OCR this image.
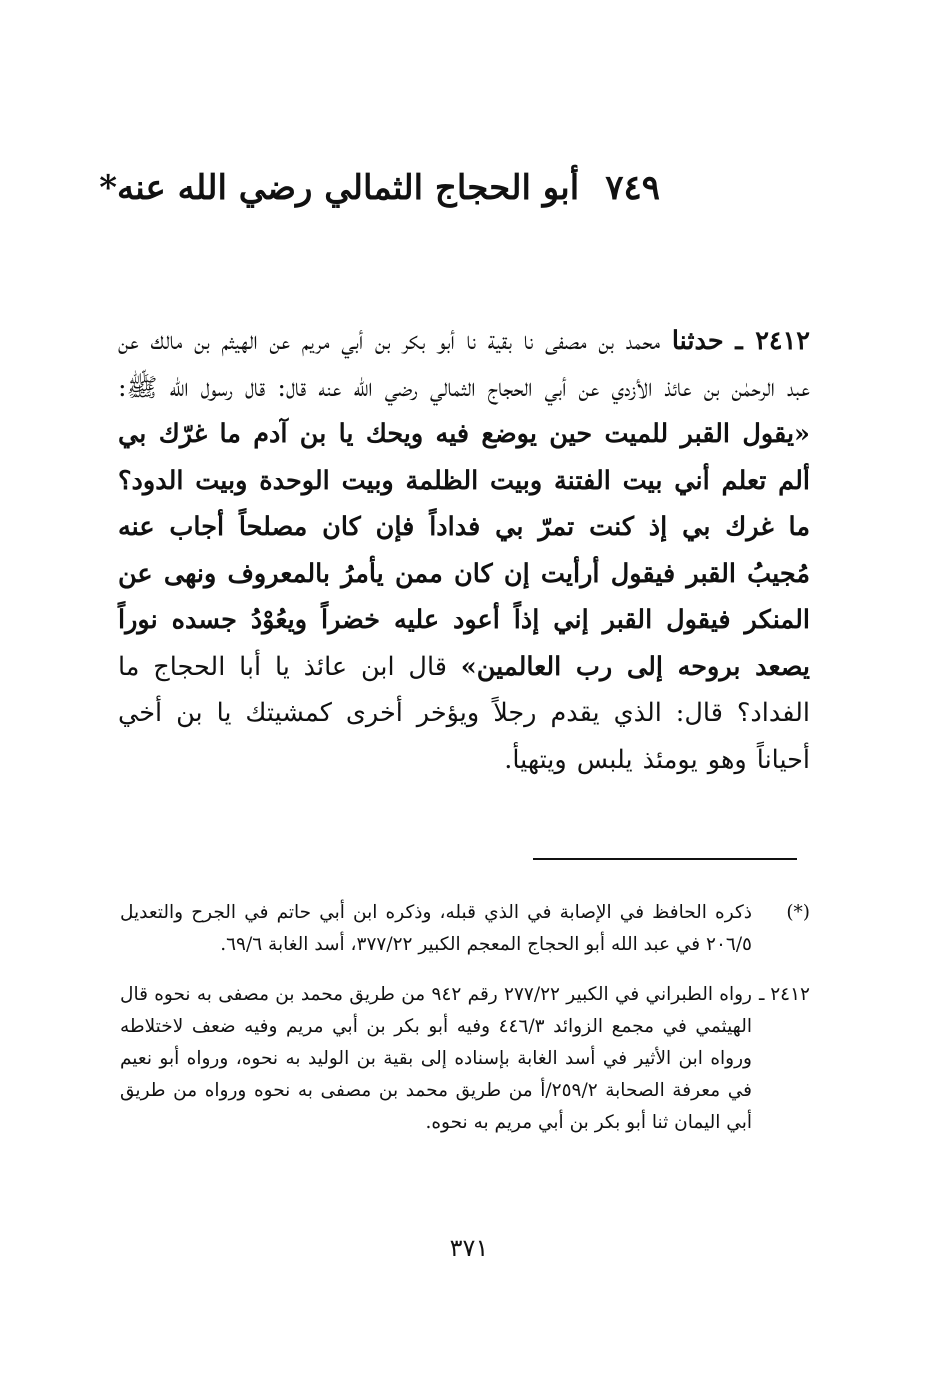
٧٤٩أبو الحجاج الثمالي رضي الله عنه*
٢٤١٢ ـ حدثنا محمد بن مصفى نا بقية نا أبو بكر بن أبي مريم عن الهيثم بن مالك عن عبد الرحمٰن بن عائذ الأزدي عن أبي الحجاج الثمالي رضي الله عنه قال: قال رسول الله ﷺ: «يقول القبر للميت حين يوضع فيه ويحك يا بن آدم ما غرّك بي ألم تعلم أني بيت الفتنة وبيت الظلمة وبيت الوحدة وبيت الدود؟ ما غرك بي إذ كنت تمرّ بي فداداً فإن كان مصلحاً أجاب عنه مُجيبُ القبر فيقول أرأيت إن كان ممن يأمرُ بالمعروف ونهى عن المنكر فيقول القبر إني إذاً أعود عليه خضراً ويعُوْدُ جسده نوراً يصعد بروحه إلى رب العالمين» قال ابن عائذ يا أبا الحجاج ما الفداد؟ قال: الذي يقدم رجلاً ويؤخر أخرى كمشيتك يا بن أخي أحياناً وهو يومئذ يلبس ويتهيأ.
(*)
ذكره الحافظ في الإصابة في الذي قبله، وذكره ابن أبي حاتم في الجرح والتعديل ٢٠٦/٥ في عبد الله أبو الحجاج المعجم الكبير ٣٧٧/٢٢، أسد الغابة ٦٩/٦.
٢٤١٢ ـ
رواه الطبراني في الكبير ٢٧٧/٢٢ رقم ٩٤٢ من طريق محمد بن مصفى به نحوه قال الهيثمي في مجمع الزوائد ٤٤٦/٣ وفيه أبو بكر بن أبي مريم وفيه ضعف لاختلاطه ورواه ابن الأثير في أسد الغابة بإسناده إلى بقية بن الوليد به نحوه، ورواه أبو نعيم في معرفة الصحابة ٢٥٩/٢/أ من طريق محمد بن مصفى به نحوه ورواه من طريق أبي اليمان ثنا أبو بكر بن أبي مريم به نحوه.
٣٧١
